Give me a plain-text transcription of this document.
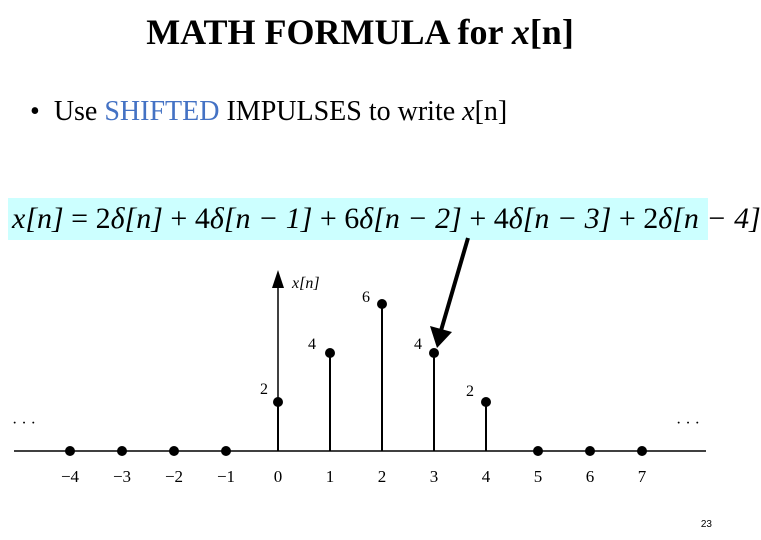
MATH FORMULA for x[n]
• Use SHIFTED IMPULSES to write x[n]
x[n] = 2δ[n] + 4δ[n − 1] + 6δ[n − 2] + 4δ[n − 3] + 2δ[n − 4]
x[n]
· · ·	· · ·
−4 −3 −2 −1
2
0
4
1
6
2
4
3
2
4	5	6	7
23
